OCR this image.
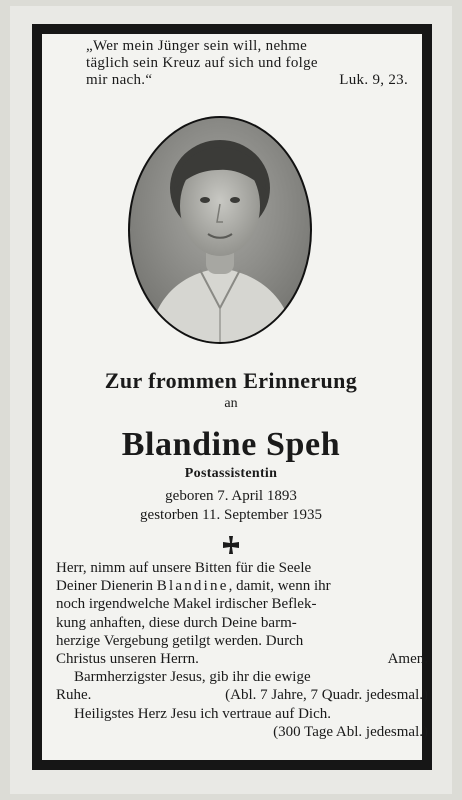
„Wer mein Jünger sein will, nehme
täglich sein Kreuz auf sich und folge
mir nach.“	Luk. 9, 23.
Zur frommen Erinnerung
an
Blandine Speh
Postassistentin
geboren 7. April 1893
gestorben 11. September 1935
Herr, nimm auf unsere Bitten für die Seele
Deiner Dienerin Blandine, damit, wenn ihr
noch irgendwelche Makel irdischer Beflek-
kung anhaften, diese durch Deine barm-
herzige Vergebung getilgt werden. Durch
Christus unseren Herrn.	Amen.
Barmherzigster Jesus, gib ihr die ewige
Ruhe.	(Abl. 7 Jahre, 7 Quadr. jedesmal.)
Heiligstes Herz Jesu ich vertraue auf Dich.
(300 Tage Abl. jedesmal.)
